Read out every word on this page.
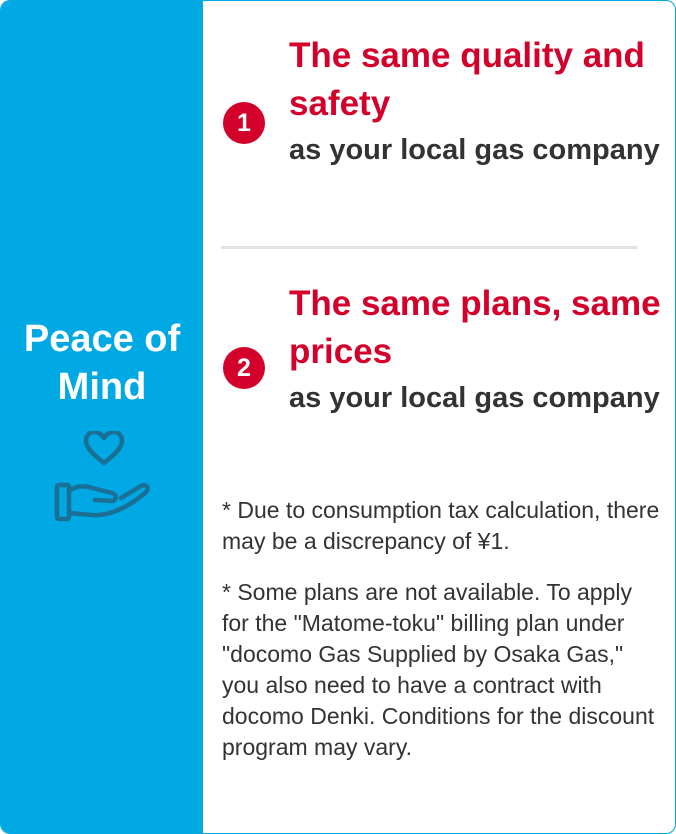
Peace of Mind
1
The same quality and safety
as your local gas company
2
The same plans, same prices
as your local gas company
* Due to consumption tax calculation, there may be a discrepancy of ¥1.
* Some plans are not available. To apply for the "Matome-toku" billing plan under "docomo Gas Supplied by Osaka Gas," you also need to have a contract with docomo Denki. Conditions for the discount program may vary.
